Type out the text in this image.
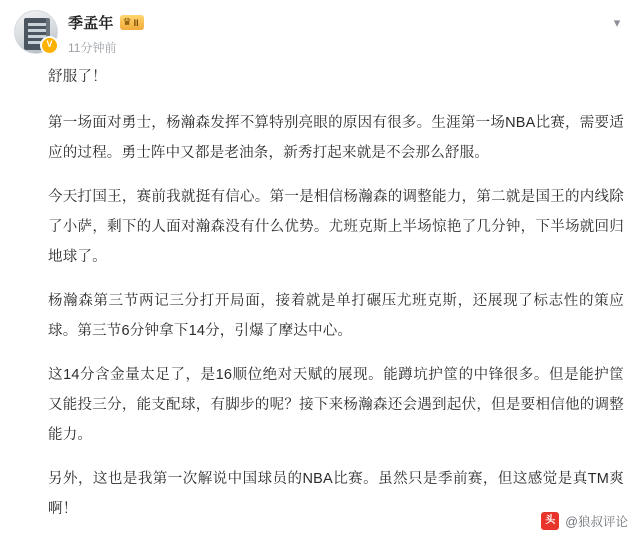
V
季孟年 ♛ II
11分钟前
▾

舒服了！

第一场面对勇士，杨瀚森发挥不算特别亮眼的原因有很多。生涯第一场NBA比赛，需要适应的过程。勇士阵中又都是老油条，新秀打起来就是不会那么舒服。

今天打国王，赛前我就挺有信心。第一是相信杨瀚森的调整能力，第二就是国王的内线除了小萨，剩下的人面对瀚森没有什么优势。尤班克斯上半场惊艳了几分钟，下半场就回归地球了。

杨瀚森第三节两记三分打开局面，接着就是单打碾压尤班克斯，还展现了标志性的策应球。第三节6分钟拿下14分，引爆了摩达中心。

这14分含金量太足了，是16顺位绝对天赋的展现。能蹲坑护筐的中锋很多。但是能护筐又能投三分，能支配球，有脚步的呢？接下来杨瀚森还会遇到起伏，但是要相信他的调整能力。

另外，这也是我第一次解说中国球员的NBA比赛。虽然只是季前赛，但这感觉是真TM爽啊！

头条
@狼叔评论
